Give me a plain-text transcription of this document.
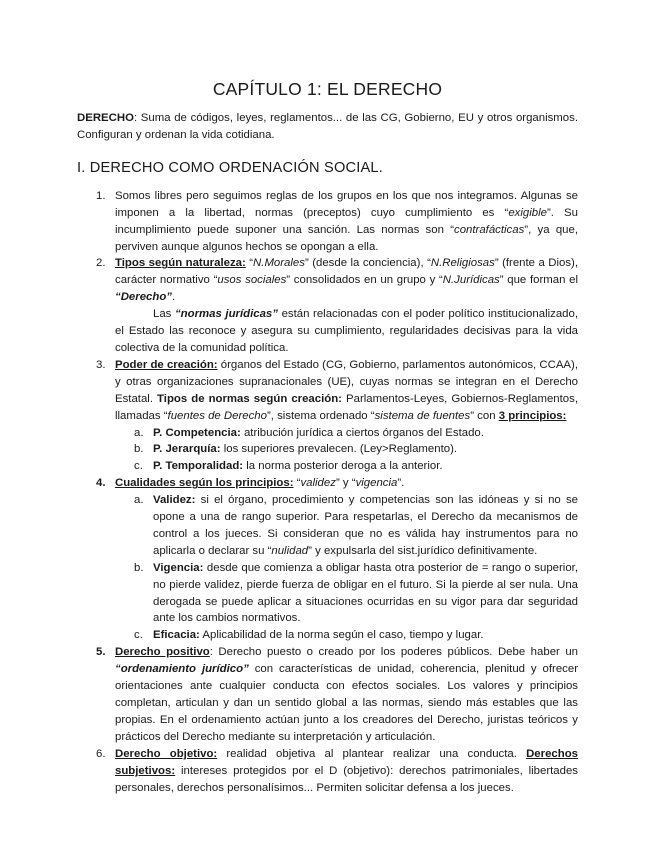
CAPÍTULO 1: EL DERECHO

DERECHO: Suma de códigos, leyes, reglamentos... de las CG, Gobierno, EU y otros organismos. Configuran y ordenan la vida cotidiana.

I. DERECHO COMO ORDENACIÓN SOCIAL.
1. Somos libres pero seguimos reglas de los grupos en los que nos integramos. Algunas se imponen a la libertad, normas (preceptos) cuyo cumplimiento es “exigible”. Su incumplimiento puede suponer una sanción. Las normas son “contrafácticas”, ya que, perviven aunque algunos hechos se opongan a ella.
2. Tipos según naturaleza: “N.Morales” (desde la conciencia), “N.Religiosas” (frente a Dios), carácter normativo “usos sociales” consolidados en un grupo y “N.Jurídicas” que forman el “Derecho”.

Las “normas jurídicas” están relacionadas con el poder político institucionalizado, el Estado las reconoce y asegura su cumplimiento, regularidades decisivas para la vida colectiva de la comunidad política.

3. Poder de creación: órganos del Estado (CG, Gobierno, parlamentos autonómicos, CCAA), y otras organizaciones supranacionales (UE), cuyas normas se integran en el Derecho Estatal. Tipos de normas según creación: Parlamentos-Leyes, Gobiernos-Reglamentos, llamadas “fuentes de Derecho”, sistema ordenado “sistema de fuentes” con 3 principios:
a. P. Competencia: atribución jurídica a ciertos órganos del Estado.
b. P. Jerarquía: los superiores prevalecen. (Ley>Reglamento).
c. P. Temporalidad: la norma posterior deroga a la anterior.
4. Cualidades según los principios: “validez” y “vigencia”.
a. Validez: si el órgano, procedimiento y competencias son las idóneas y si no se opone a una de rango superior. Para respetarlas, el Derecho da mecanismos de control a los jueces. Si consideran que no es válida hay instrumentos para no aplicarla o declarar su “nulidad” y expulsarla del sist.jurídico definitivamente.
b. Vigencia: desde que comienza a obligar hasta otra posterior de = rango o superior, no pierde validez, pierde fuerza de obligar en el futuro. Si la pierde al ser nula. Una derogada se puede aplicar a situaciones ocurridas en su vigor para dar seguridad ante los cambios normativos.
c. Eficacia: Aplicabilidad de la norma según el caso, tiempo y lugar.
5. Derecho positivo: Derecho puesto o creado por los poderes públicos. Debe haber un “ordenamiento jurídico” con características de unidad, coherencia, plenitud y ofrecer orientaciones ante cualquier conducta con efectos sociales. Los valores y principios completan, articulan y dan un sentido global a las normas, siendo más estables que las propias. En el ordenamiento actúan junto a los creadores del Derecho, juristas teóricos y prácticos del Derecho mediante su interpretación y articulación.
6. Derecho objetivo: realidad objetiva al plantear realizar una conducta. Derechos subjetivos: intereses protegidos por el D (objetivo): derechos patrimoniales, libertades personales, derechos personalísimos... Permiten solicitar defensa a los jueces.
